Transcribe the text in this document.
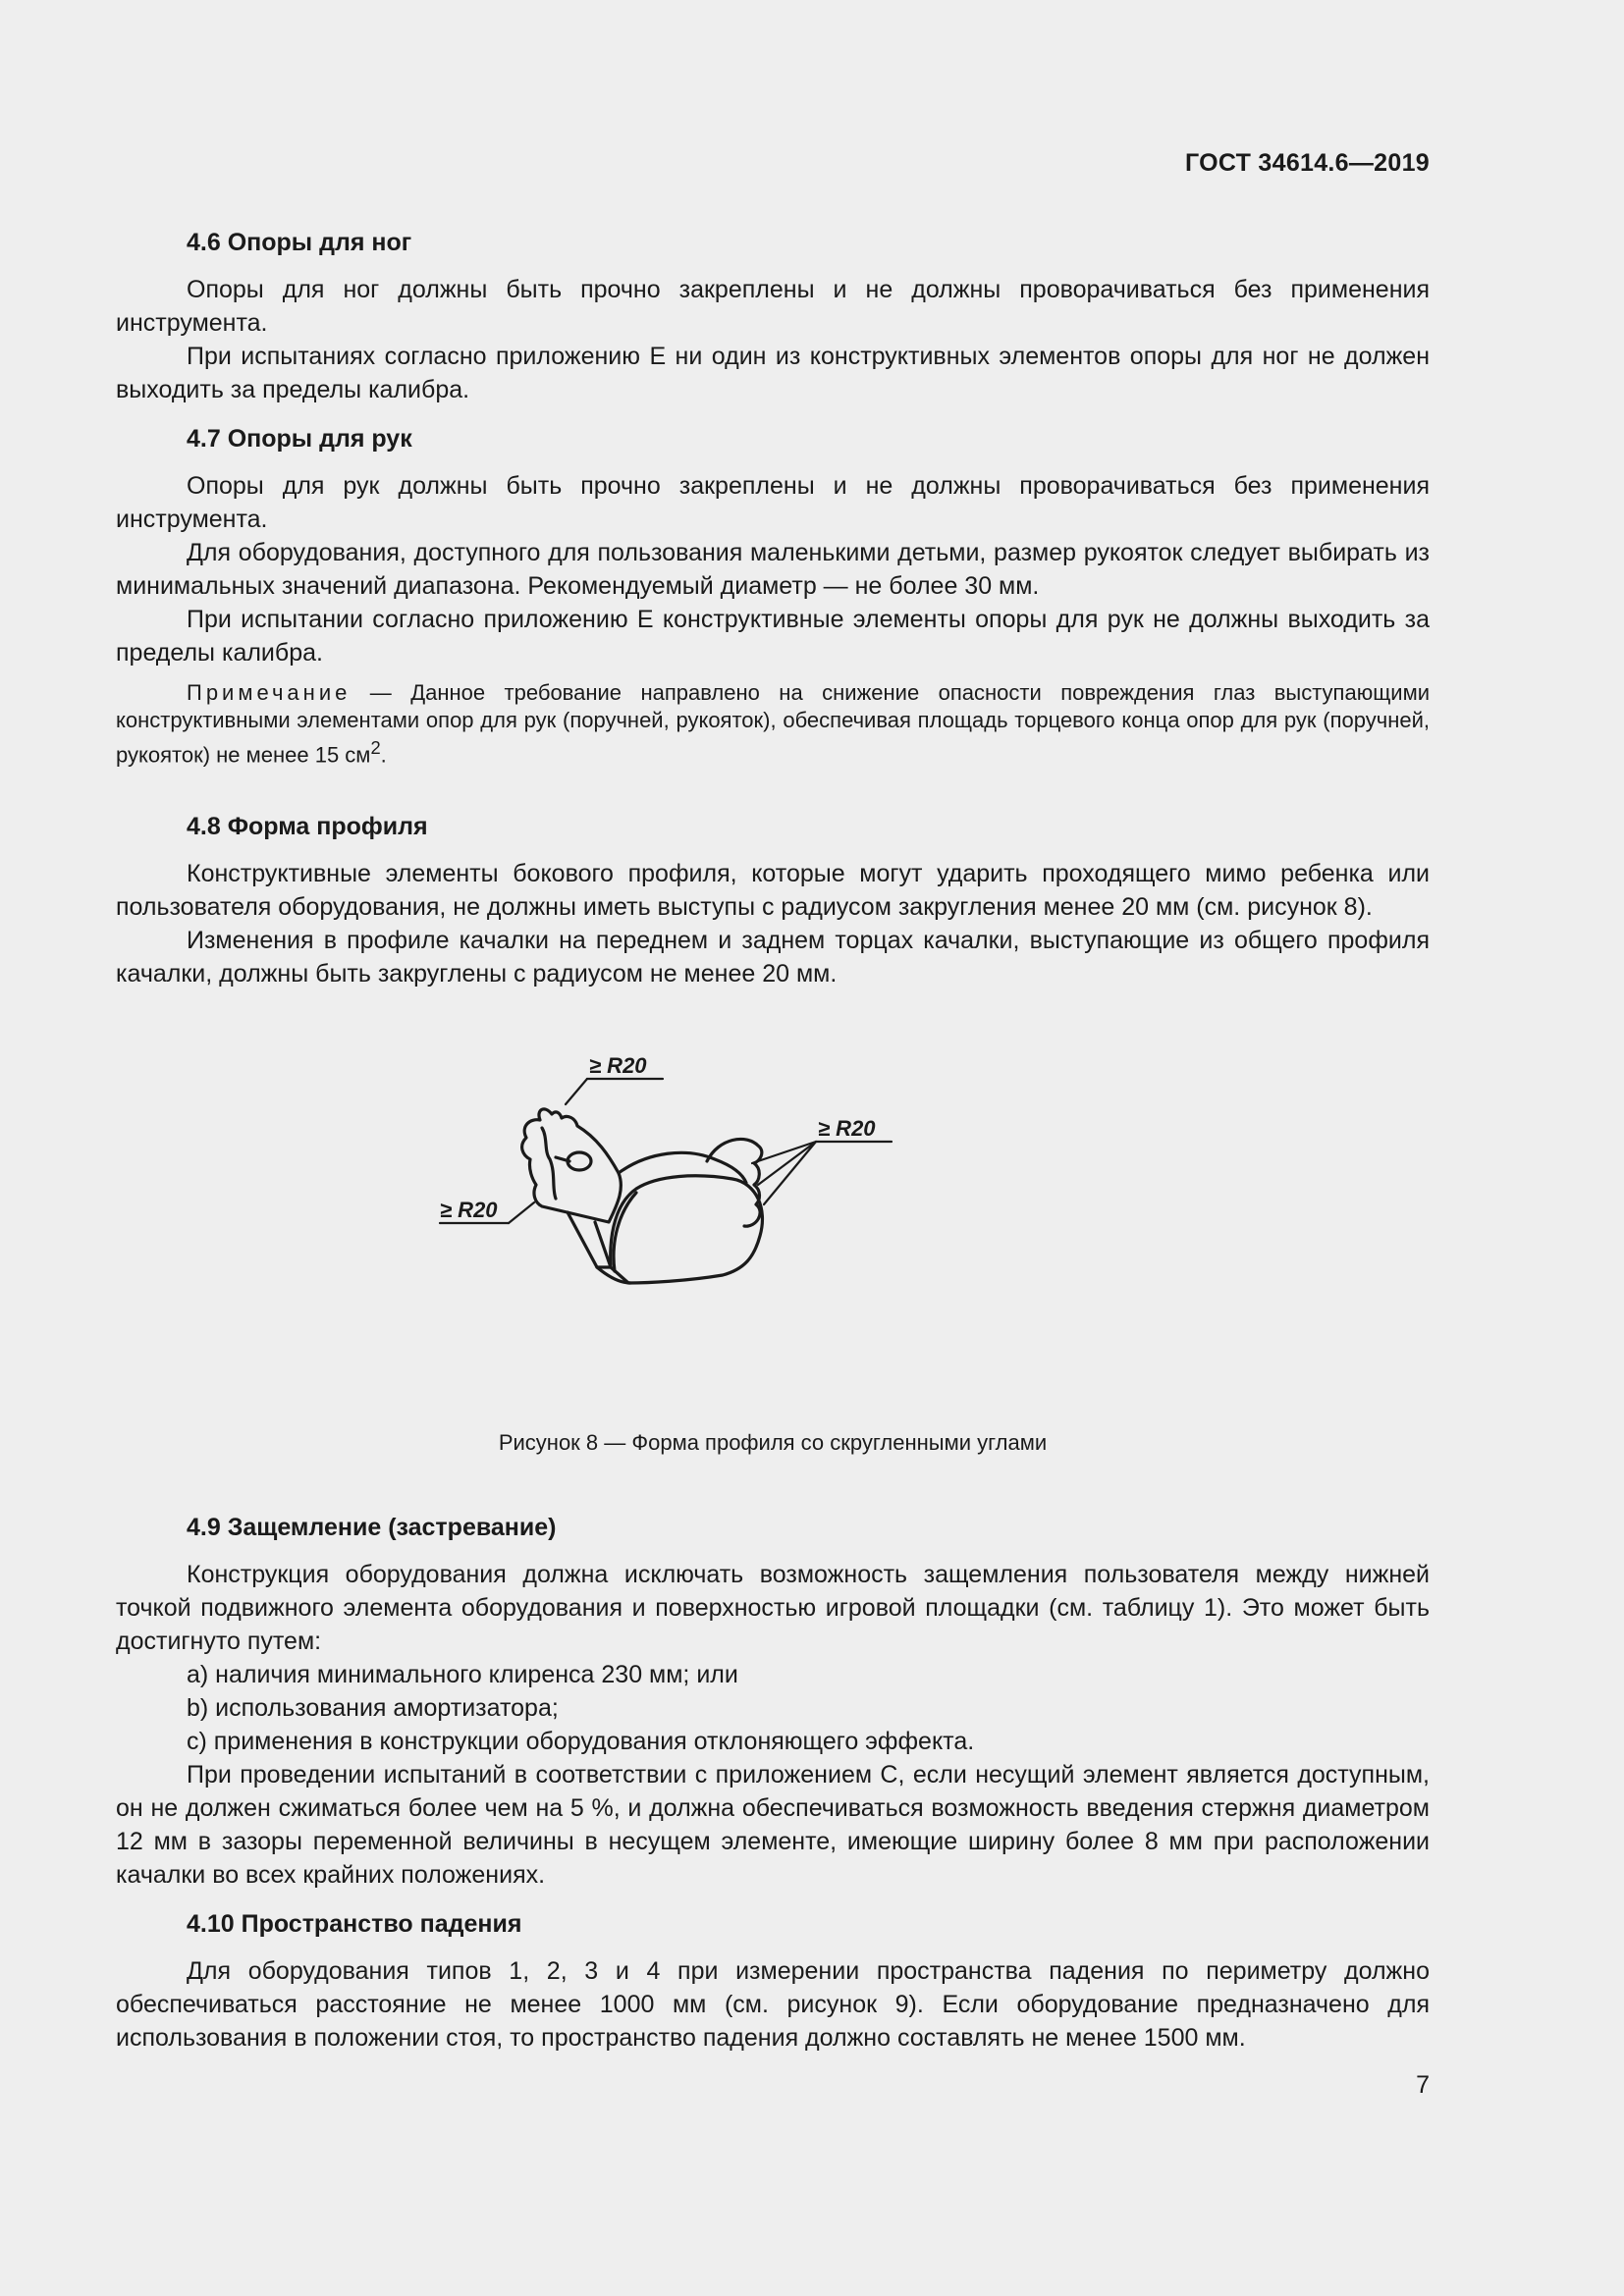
ГОСТ 34614.6—2019
4.6 Опоры для ног

Опоры для ног должны быть прочно закреплены и не должны проворачиваться без применения инструмента.

При испытаниях согласно приложению Е ни один из конструктивных элементов опоры для ног не должен выходить за пределы калибра.

4.7 Опоры для рук

Опоры для рук должны быть прочно закреплены и не должны проворачиваться без применения инструмента.

Для оборудования, доступного для пользования маленькими детьми, размер рукояток следует выбирать из минимальных значений диапазона. Рекомендуемый диаметр — не более 30 мм.

При испытании согласно приложению Е конструктивные элементы опоры для рук не должны выходить за пределы калибра.

Примечание — Данное требование направлено на снижение опасности повреждения глаз выступающими конструктивными элементами опор для рук (поручней, рукояток), обеспечивая площадь торцевого конца опор для рук (поручней, рукояток) не менее 15 $см^2$.

4.8 Форма профиля

Конструктивные элементы бокового профиля, которые могут ударить проходящего мимо ребенка или пользователя оборудования, не должны иметь выступы с радиусом закругления менее 20 мм (см. рисунок 8).

Изменения в профиле качалки на переднем и заднем торцах качалки, выступающие из общего профиля качалки, должны быть закруглены с радиусом не менее 20 мм.

≥ R20
≥ R20
≥ R20
Рисунок 8 — Форма профиля со скругленными углами
4.9 Защемление (застревание)

Конструкция оборудования должна исключать возможность защемления пользователя между нижней точкой подвижного элемента оборудования и поверхностью игровой площадки (см. таблицу 1). Это может быть достигнуто путем:

a) наличия минимального клиренса 230 мм; или
b) использования амортизатора;
c) применения в конструкции оборудования отклоняющего эффекта.

При проведении испытаний в соответствии с приложением С, если несущий элемент является доступным, он не должен сжиматься более чем на 5 %, и должна обеспечиваться возможность введения стержня диаметром 12 мм в зазоры переменной величины в несущем элементе, имеющие ширину более 8 мм при расположении качалки во всех крайних положениях.

4.10 Пространство падения

Для оборудования типов 1, 2, 3 и 4 при измерении пространства падения по периметру должно обеспечиваться расстояние не менее 1000 мм (см. рисунок 9). Если оборудование предназначено для использования в положении стоя, то пространство падения должно составлять не менее 1500 мм.

7
